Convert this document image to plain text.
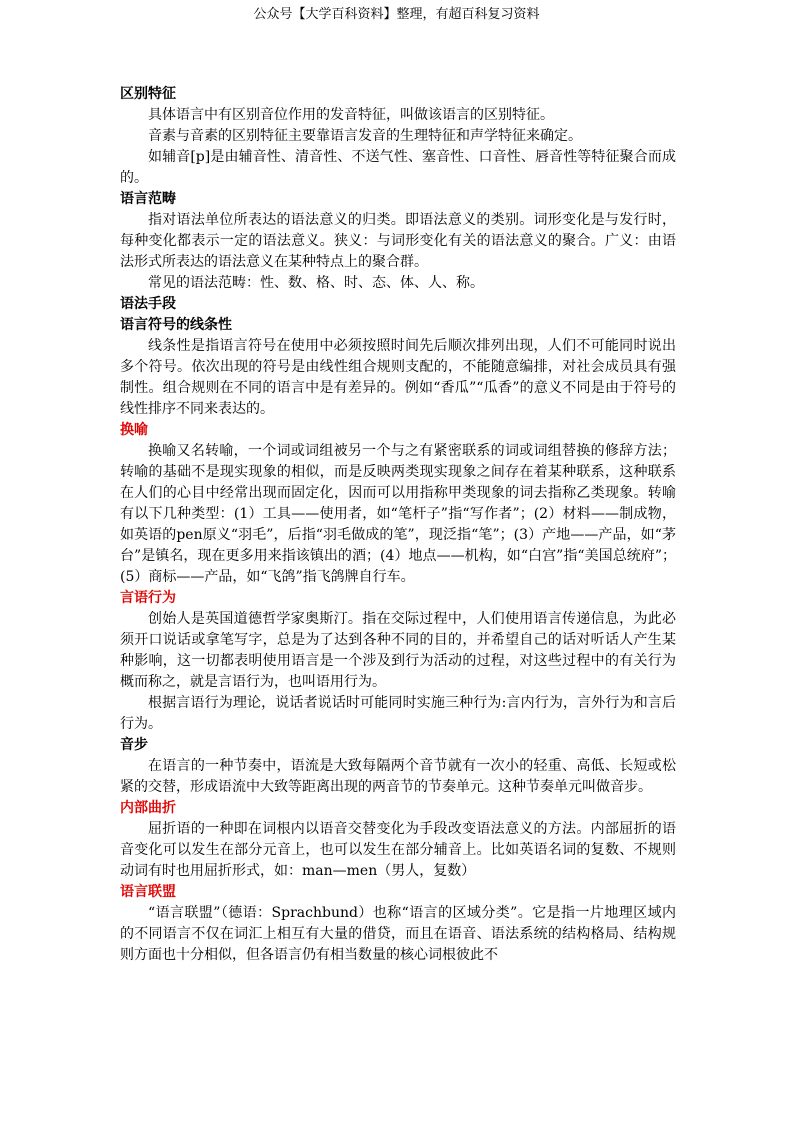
公众号【大学百科资料】整理，有超百科复习资料
区别特征

具体语言中有区别音位作用的发音特征，叫做该语言的区别特征。

音素与音素的区别特征主要靠语言发音的生理特征和声学特征来确定。

如辅音[p]是由辅音性、清音性、不送气性、塞音性、口音性、唇音性等特征聚合而成的。

语言范畴

指对语法单位所表达的语法意义的归类。即语法意义的类别。词形变化是与发行时，每种变化都表示一定的语法意义。狭义：与词形变化有关的语法意义的聚合。广义：由语法形式所表达的语法意义在某种特点上的聚合群。

常见的语法范畴：性、数、格、时、态、体、人、称。

语法手段
语言符号的线条性

线条性是指语言符号在使用中必须按照时间先后顺次排列出现，人们不可能同时说出多个符号。依次出现的符号是由线性组合规则支配的，不能随意编排，对社会成员具有强制性。组合规则在不同的语言中是有差异的。例如“香瓜”“瓜香”的意义不同是由于符号的线性排序不同来表达的。

换喻

换喻又名转喻，一个词或词组被另一个与之有紧密联系的词或词组替换的修辞方法；转喻的基础不是现实现象的相似，而是反映两类现实现象之间存在着某种联系，这种联系在人们的心目中经常出现而固定化，因而可以用指称甲类现象的词去指称乙类现象。转喻有以下几种类型：(1）工具——使用者，如“笔杆子”指“写作者”；(2）材料——制成物，如英语的pen原义“羽毛”，后指“羽毛做成的笔”，现泛指“笔”；(3）产地——产品，如“茅台”是镇名，现在更多用来指该镇出的酒；(4）地点——机构，如“白宫”指“美国总统府”；(5）商标——产品，如“飞鸽”指飞鸽牌自行车。

言语行为

创始人是英国道德哲学家奥斯汀。指在交际过程中，人们使用语言传递信息，为此必须开口说话或拿笔写字，总是为了达到各种不同的目的，并希望自己的话对听话人产生某种影响，这一切都表明使用语言是一个涉及到行为活动的过程，对这些过程中的有关行为概而称之，就是言语行为，也叫语用行为。

根据言语行为理论，说话者说话时可能同时实施三种行为:言内行为，言外行为和言后行为。

音步

在语言的一种节奏中，语流是大致每隔两个音节就有一次小的轻重、高低、长短或松紧的交替，形成语流中大致等距离出现的两音节的节奏单元。这种节奏单元叫做音步。

内部曲折

屈折语的一种即在词根内以语音交替变化为手段改变语法意义的方法。内部屈折的语音变化可以发生在部分元音上，也可以发生在部分辅音上。比如英语名词的复数、不规则动词有时也用屈折形式，如：man—men（男人，复数）

语言联盟

“语言联盟”（德语：Sprachbund）也称“语言的区域分类”。它是指一片地理区域内的不同语言不仅在词汇上相互有大量的借贷，而且在语音、语法系统的结构格局、结构规则方面也十分相似，但各语言仍有相当数量的核心词根彼此不
